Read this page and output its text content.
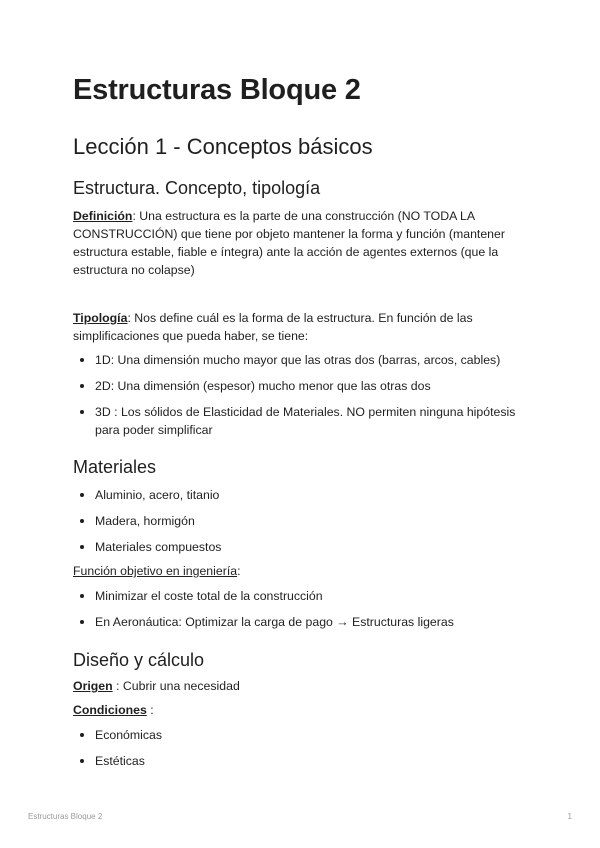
Estructuras Bloque 2
Lección 1 - Conceptos básicos
Estructura. Concepto, tipología

Definición: Una estructura es la parte de una construcción (NO TODA LA CONSTRUCCIÓN) que tiene por objeto mantener la forma y función (mantener estructura estable, fiable e íntegra) ante la acción de agentes externos (que la estructura no colapse)

Tipología: Nos define cuál es la forma de la estructura. En función de las simplificaciones que pueda haber, se tiene:

1D: Una dimensión mucho mayor que las otras dos (barras, arcos, cables)
2D: Una dimensión (espesor) mucho menor que las otras dos
3D : Los sólidos de Elasticidad de Materiales. NO permiten ninguna hipótesis para poder simplificar
Materiales
Aluminio, acero, titanio
Madera, hormigón
Materiales compuestos

Función objetivo en ingeniería:

Minimizar el coste total de la construcción
En Aeronáutica: Optimizar la carga de pago → Estructuras ligeras
Diseño y cálculo

Origen : Cubrir una necesidad

Condiciones :

Económicas
Estéticas
Estructuras Bloque 2	1
